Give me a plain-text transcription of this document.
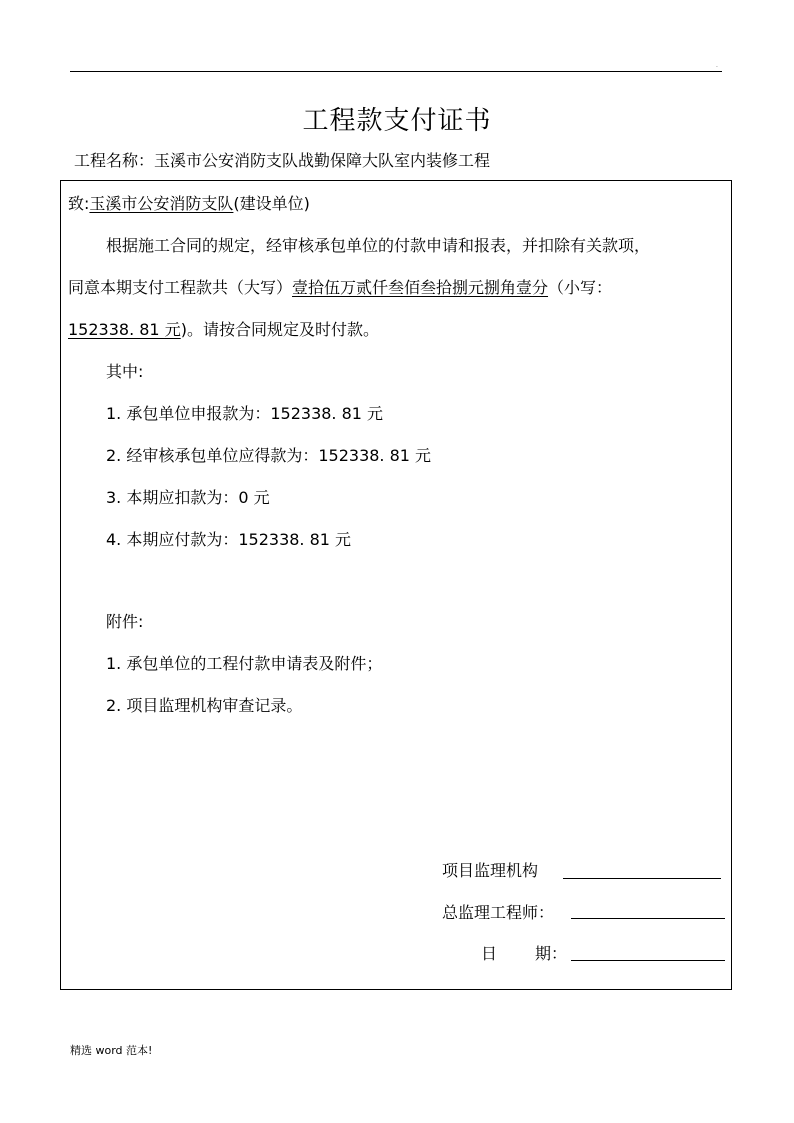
.
工程款支付证书
工程名称：玉溪市公安消防支队战勤保障大队室内装修工程
致:玉溪市公安消防支队(建设单位)
根据施工合同的规定，经审核承包单位的付款申请和报表，并扣除有关款项，
同意本期支付工程款共（大写）壹拾伍万贰仟叁佰叁拾捌元捌角壹分（小写：
152338. 81 元)。请按合同规定及时付款。
其中:
1. 承包单位申报款为：152338. 81 元
2. 经审核承包单位应得款为：152338. 81 元
3. 本期应扣款为：0 元
4. 本期应付款为：152338. 81 元
附件:
1. 承包单位的工程付款申请表及附件；
2. 项目监理机构审查记录。
项目监理机构
总监理工程师：
日 期：
精选 word 范本!
